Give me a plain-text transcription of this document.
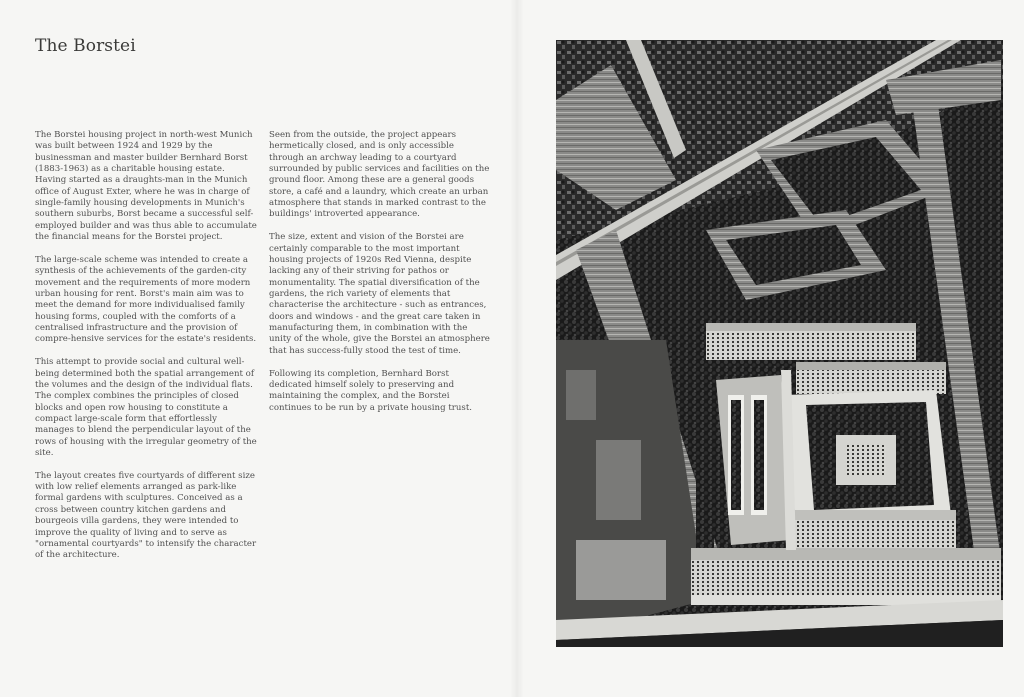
The Borstei

The Borstei housing project in north-west Munich was built between 1924 and 1929 by the businessman and master builder Bernhard Borst (1883-1963) as a charitable housing estate. Having started as a draughts-man in the Munich office of August Exter, where he was in charge of single-family housing developments in Munich's southern suburbs, Borst became a successful self-employed builder and was thus able to accumulate the financial means for the Borstei project.

The large-scale scheme was intended to create a synthesis of the achievements of the garden-city movement and the requirements of more modern urban housing for rent. Borst's main aim was to meet the demand for more individualised family housing forms, coupled with the comforts of a centralised infrastructure and the provision of compre-hensive services for the estate's residents.

This attempt to provide social and cultural well-being determined both the spatial arrangement of the volumes and the design of the individual flats. The complex combines the principles of closed blocks and open row housing to constitute a compact large-scale form that effortlessly manages to blend the perpendicular layout of the rows of housing with the irregular geometry of the site.

The layout creates five courtyards of different size with low relief elements arranged as park-like formal gardens with sculptures. Conceived as a cross between country kitchen gardens and bourgeois villa gardens, they were intended to improve the quality of living and to serve as "ornamental courtyards" to intensify the character of the architecture.

Seen from the outside, the project appears hermetically closed, and is only accessible through an archway leading to a courtyard surrounded by public services and facilities on the ground floor. Among these are a general goods store, a café and a laundry, which create an urban atmosphere that stands in marked contrast to the buildings' introverted appearance.

The size, extent and vision of the Borstei are certainly comparable to the most important housing projects of 1920s Red Vienna, despite lacking any of their striving for pathos or monumentality. The spatial diversification of the gardens, the rich variety of elements that characterise the architecture - such as entrances, doors and windows - and the great care taken in manufacturing them, in combination with the unity of the whole, give the Borstei an atmosphere that has success-fully stood the test of time.

Following its completion, Bernhard Borst dedicated himself solely to preserving and maintaining the complex, and the Borstei continues to be run by a private housing trust.
